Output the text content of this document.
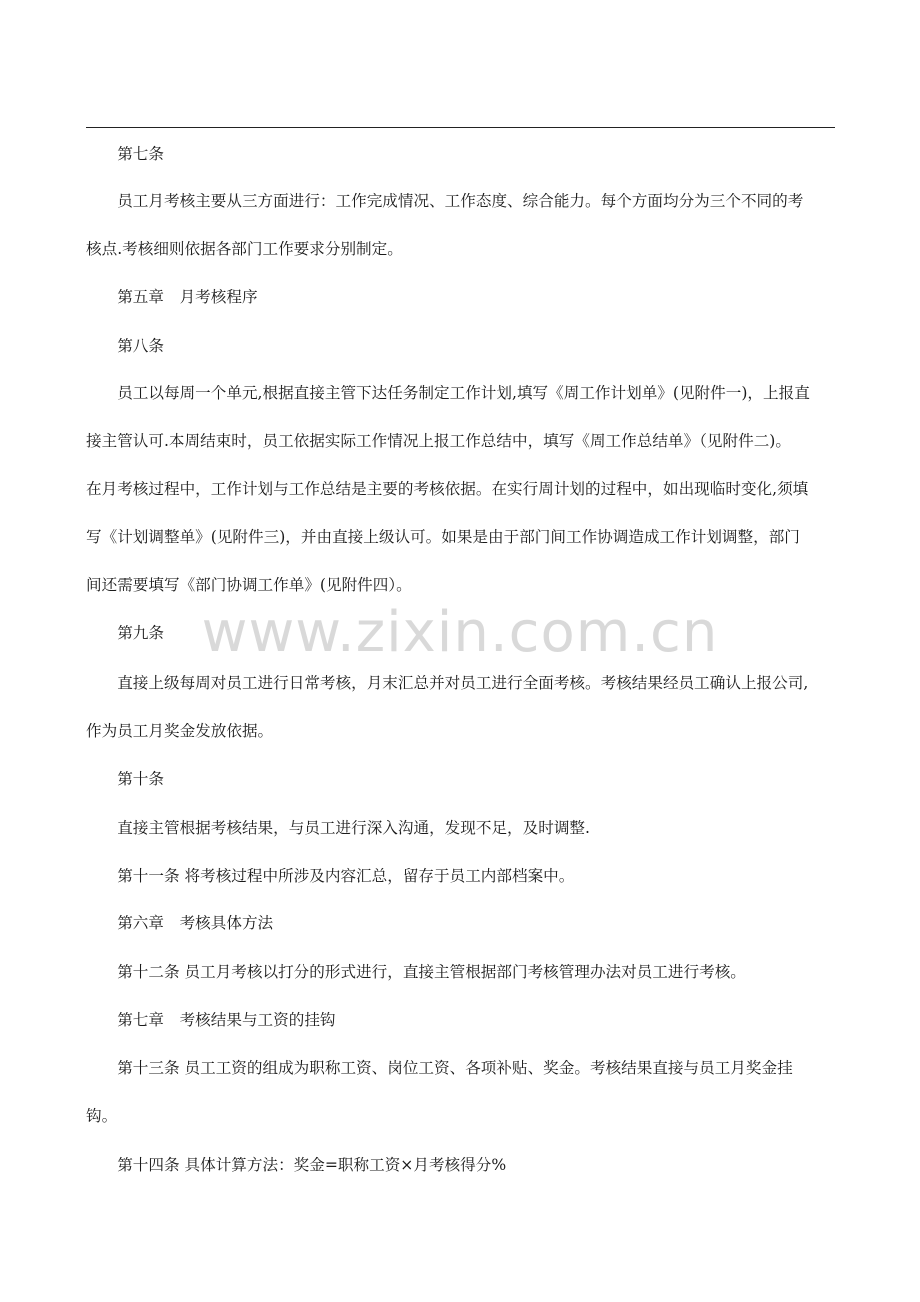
www.zixin.com.cn
　　第七条
　　员工月考核主要从三方面进行：工作完成情况、工作态度、综合能力。每个方面均分为三个不同的考
核点.考核细则依据各部门工作要求分别制定。
　　第五章　月考核程序
　　第八条
　　员工以每周一个单元,根据直接主管下达任务制定工作计划,填写《周工作计划单》(见附件一)，上报直
接主管认可.本周结束时，员工依据实际工作情况上报工作总结中，填写《周工作总结单》（见附件二)。
在月考核过程中，工作计划与工作总结是主要的考核依据。在实行周计划的过程中，如出现临时变化,须填
写《计划调整单》(见附件三)，并由直接上级认可。如果是由于部门间工作协调造成工作计划调整，部门
间还需要填写《部门协调工作单》(见附件四）。
　　第九条
　　直接上级每周对员工进行日常考核，月末汇总并对员工进行全面考核。考核结果经员工确认上报公司,
作为员工月奖金发放依据。
　　第十条
　　直接主管根据考核结果，与员工进行深入沟通，发现不足，及时调整.
　　第十一条 将考核过程中所涉及内容汇总，留存于员工内部档案中。
　　第六章　考核具体方法
　　第十二条 员工月考核以打分的形式进行，直接主管根据部门考核管理办法对员工进行考核。
　　第七章　考核结果与工资的挂钩
　　第十三条 员工工资的组成为职称工资、岗位工资、各项补贴、奖金。考核结果直接与员工月奖金挂
钩。
　　第十四条 具体计算方法：奖金=职称工资×月考核得分%
